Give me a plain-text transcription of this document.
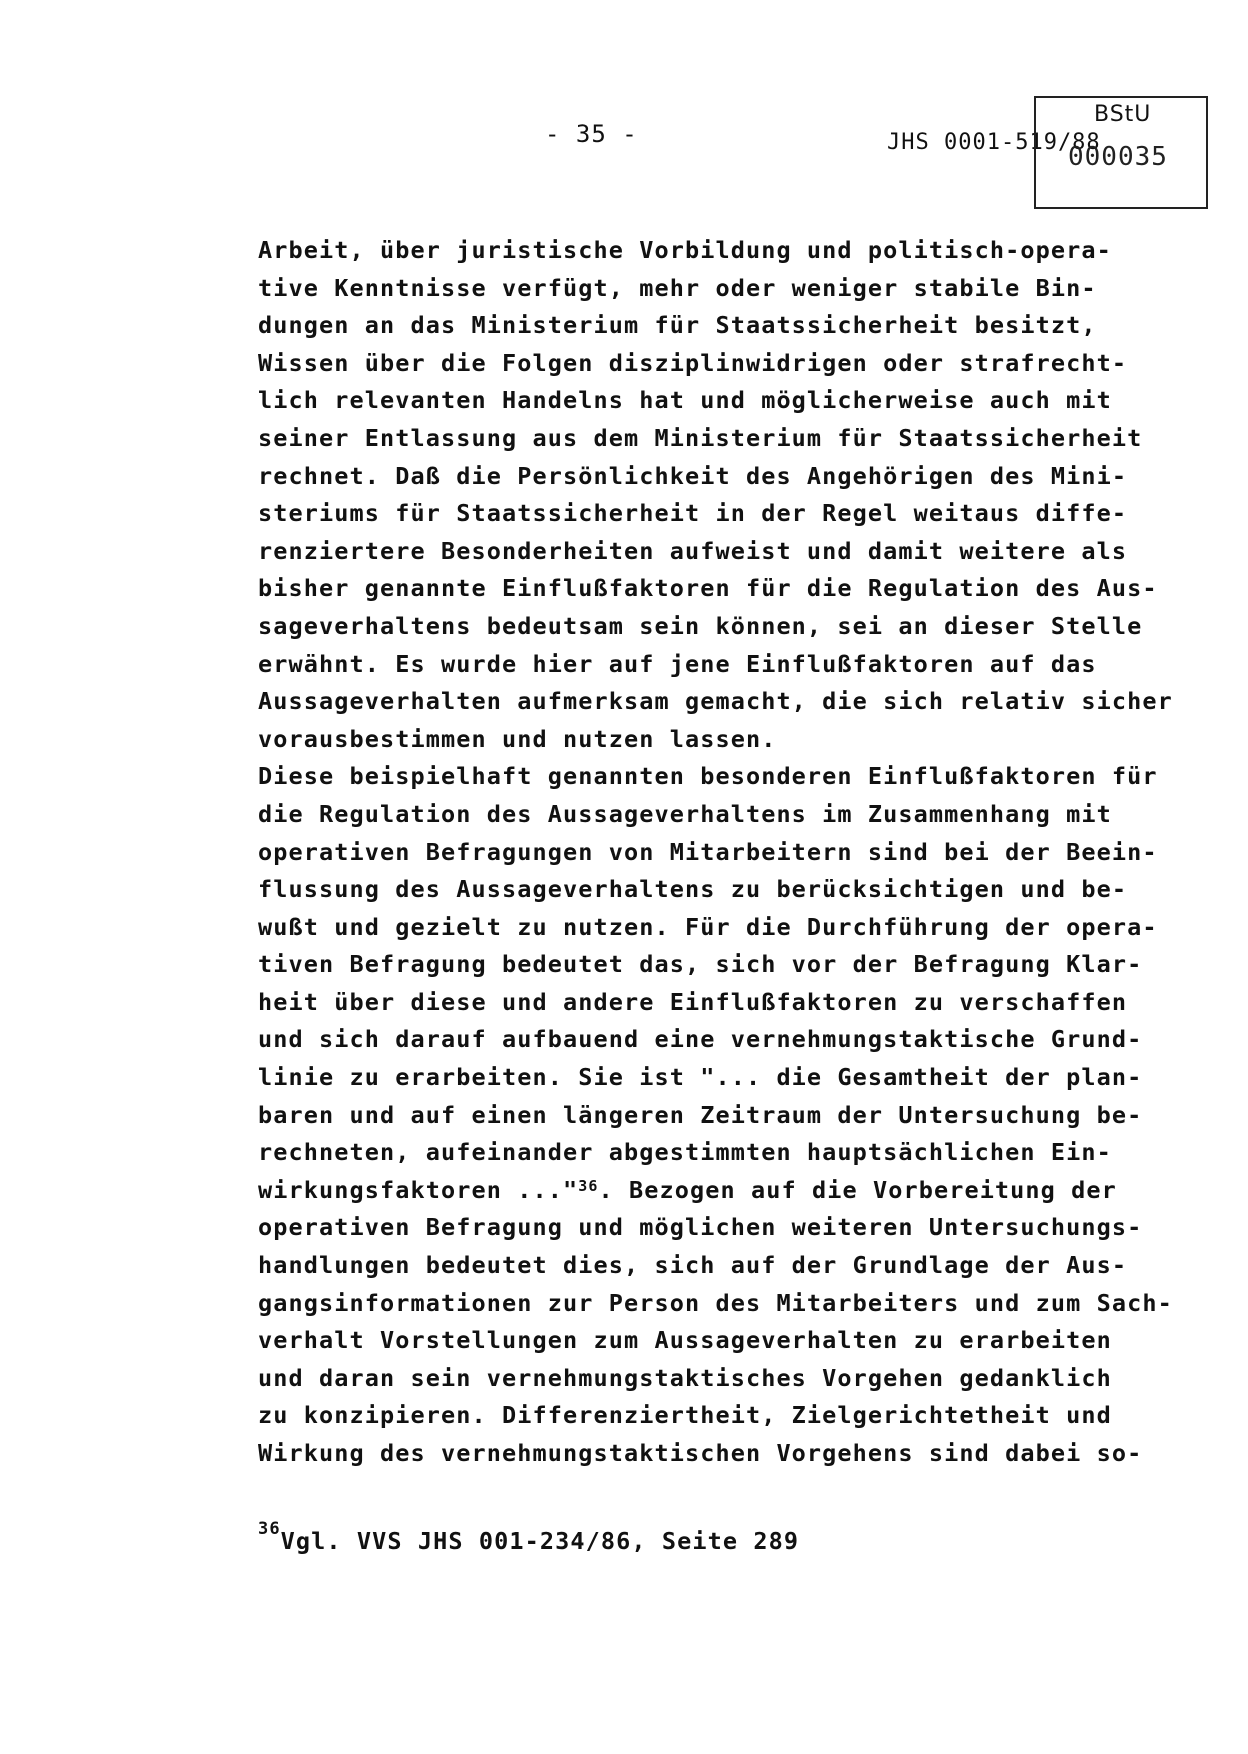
- 35 -	JHS 0001-519/88
BStU
000035
Arbeit, über juristische Vorbildung und politisch-opera-
tive Kenntnisse verfügt, mehr oder weniger stabile Bin-
dungen an das Ministerium für Staatssicherheit besitzt,
Wissen über die Folgen disziplinwidrigen oder strafrecht-
lich relevanten Handelns hat und möglicherweise auch mit
seiner Entlassung aus dem Ministerium für Staatssicherheit
rechnet. Daß die Persönlichkeit des Angehörigen des Mini-
steriums für Staatssicherheit in der Regel weitaus diffe-
renziertere Besonderheiten aufweist und damit weitere als
bisher genannte Einflußfaktoren für die Regulation des Aus-
sageverhaltens bedeutsam sein können, sei an dieser Stelle
erwähnt. Es wurde hier auf jene Einflußfaktoren auf das
Aussageverhalten aufmerksam gemacht, die sich relativ sicher
vorausbestimmen und nutzen lassen.
Diese beispielhaft genannten besonderen Einflußfaktoren für
die Regulation des Aussageverhaltens im Zusammenhang mit
operativen Befragungen von Mitarbeitern sind bei der Beein-
flussung des Aussageverhaltens zu berücksichtigen und be-
wußt und gezielt zu nutzen. Für die Durchführung der opera-
tiven Befragung bedeutet das, sich vor der Befragung Klar-
heit über diese und andere Einflußfaktoren zu verschaffen
und sich darauf aufbauend eine vernehmungstaktische Grund-
linie zu erarbeiten. Sie ist "... die Gesamtheit der plan-
baren und auf einen längeren Zeitraum der Untersuchung be-
rechneten, aufeinander abgestimmten hauptsächlichen Ein-
wirkungsfaktoren ..."$^{36}$. Bezogen auf die Vorbereitung der
operativen Befragung und möglichen weiteren Untersuchungs-
handlungen bedeutet dies, sich auf der Grundlage der Aus-
gangsinformationen zur Person des Mitarbeiters und zum Sach-
verhalt Vorstellungen zum Aussageverhalten zu erarbeiten
und daran sein vernehmungstaktisches Vorgehen gedanklich
zu konzipieren. Differenziertheit, Zielgerichtetheit und
Wirkung des vernehmungstaktischen Vorgehens sind dabei so-
$^{36}$Vgl. VVS JHS 001-234/86, Seite 289
